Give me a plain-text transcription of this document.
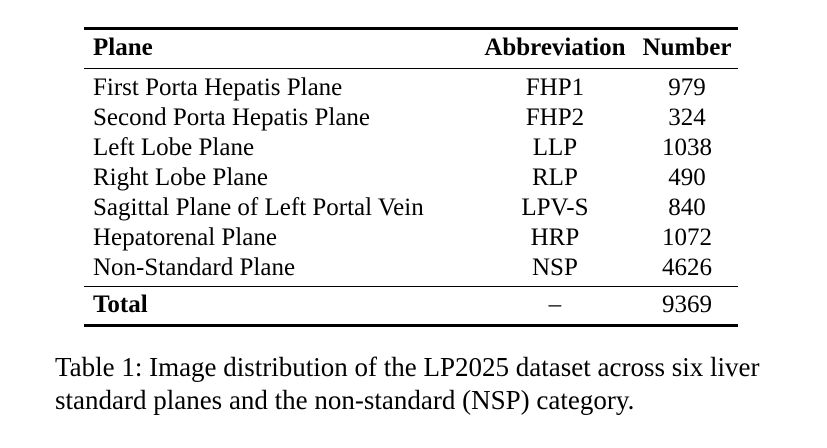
Plane	Abbreviation	Number
First Porta Hepatis Plane	FHP1	979
Second Porta Hepatis Plane	FHP2	324
Left Lobe Plane	LLP	1038
Right Lobe Plane	RLP	490
Sagittal Plane of Left Portal Vein	LPV-S	840
Hepatorenal Plane	HRP	1072
Non-Standard Plane	NSP	4626
Total	–	9369
Table 1: Image distribution of the LP2025 dataset across six liver standard planes and the non-standard (NSP) category.
